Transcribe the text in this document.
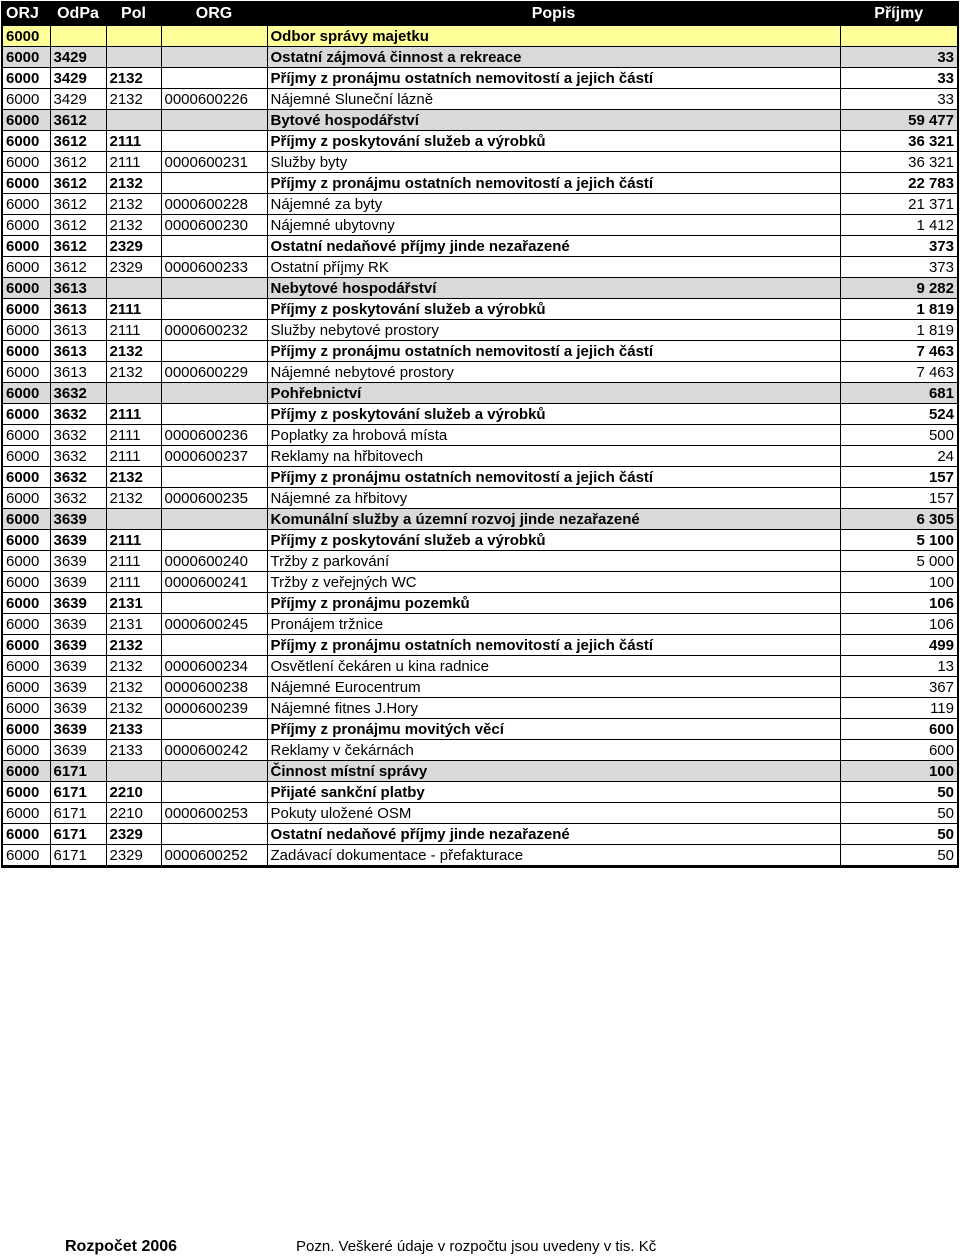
ORJ	OdPa	Pol	ORG	Popis	Příjmy
6000				Odbor správy majetku	
6000	3429			Ostatní zájmová činnost a rekreace	33
6000	3429	2132		Příjmy z pronájmu ostatních nemovitostí a jejich částí	33
6000	3429	2132	0000600226	Nájemné Sluneční lázně	33
6000	3612			Bytové hospodářství	59 477
6000	3612	2111		Příjmy z poskytování služeb a výrobků	36 321
6000	3612	2111	0000600231	Služby byty	36 321
6000	3612	2132		Příjmy z pronájmu ostatních nemovitostí a jejich částí	22 783
6000	3612	2132	0000600228	Nájemné za byty	21 371
6000	3612	2132	0000600230	Nájemné ubytovny	1 412
6000	3612	2329		Ostatní nedaňové příjmy jinde nezařazené	373
6000	3612	2329	0000600233	Ostatní příjmy RK	373
6000	3613			Nebytové hospodářství	9 282
6000	3613	2111		Příjmy z poskytování služeb a výrobků	1 819
6000	3613	2111	0000600232	Služby nebytové prostory	1 819
6000	3613	2132		Příjmy z pronájmu ostatních nemovitostí a jejich částí	7 463
6000	3613	2132	0000600229	Nájemné nebytové prostory	7 463
6000	3632			Pohřebnictví	681
6000	3632	2111		Příjmy z poskytování služeb a výrobků	524
6000	3632	2111	0000600236	Poplatky za hrobová místa	500
6000	3632	2111	0000600237	Reklamy na hřbitovech	24
6000	3632	2132		Příjmy z pronájmu ostatních nemovitostí a jejich částí	157
6000	3632	2132	0000600235	Nájemné za hřbitovy	157
6000	3639			Komunální služby a územní rozvoj jinde nezařazené	6 305
6000	3639	2111		Příjmy z poskytování služeb a výrobků	5 100
6000	3639	2111	0000600240	Tržby z parkování	5 000
6000	3639	2111	0000600241	Tržby z veřejných WC	100
6000	3639	2131		Příjmy z pronájmu pozemků	106
6000	3639	2131	0000600245	Pronájem tržnice	106
6000	3639	2132		Příjmy z pronájmu ostatních nemovitostí a jejich částí	499
6000	3639	2132	0000600234	Osvětlení čekáren u kina radnice	13
6000	3639	2132	0000600238	Nájemné Eurocentrum	367
6000	3639	2132	0000600239	Nájemné fitnes J.Hory	119
6000	3639	2133		Příjmy z pronájmu movitých věcí	600
6000	3639	2133	0000600242	Reklamy v čekárnách	600
6000	6171			Činnost místní správy	100
6000	6171	2210		Přijaté sankční platby	50
6000	6171	2210	0000600253	Pokuty uložené OSM	50
6000	6171	2329		Ostatní nedaňové příjmy jinde nezařazené	50
6000	6171	2329	0000600252	Zadávací dokumentace - přefakturace	50
Rozpočet 2006	Pozn. Veškeré údaje v rozpočtu jsou uvedeny v tis. Kč
